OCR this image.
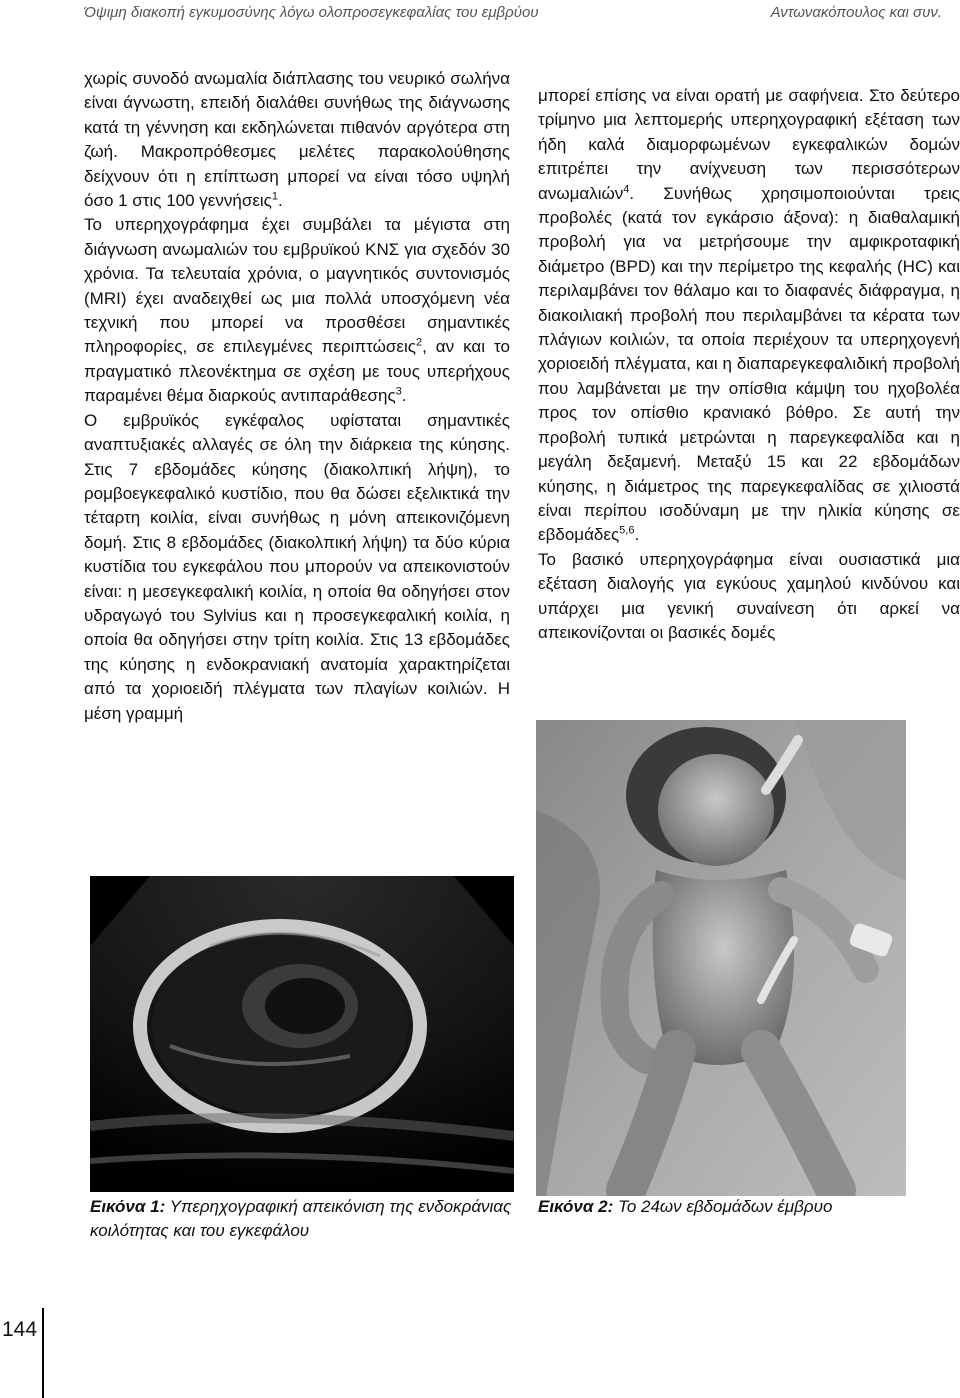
Όψιμη διακοπή εγκυμοσύνης λόγω ολοπροσεγκεφαλίας του εμβρύου	Αντωνακόπουλος και συν.

χωρίς συνοδό ανωμαλία διάπλασης του νευρικό σωλήνα είναι άγνωστη, επειδή διαλάθει συνήθως της διάγνωσης κατά τη γέννηση και εκδηλώνεται πιθανόν αργότερα στη ζωή. Μακροπρόθεσμες μελέτες παρακολούθησης δείχνουν ότι η επίπτωση μπορεί να είναι τόσο υψηλή όσο 1 στις 100 γεννήσεις$^1$.

Το υπερηχογράφημα έχει συμβάλει τα μέγιστα στη διάγνωση ανωμαλιών του εμβρυϊκού ΚΝΣ για σχεδόν 30 χρόνια. Τα τελευταία χρόνια, ο μαγνητικός συντονισμός (MRI) έχει αναδειχθεί ως μια πολλά υποσχόμενη νέα τεχνική που μπορεί να προσθέσει σημαντικές πληροφορίες, σε επιλεγμένες περιπτώσεις$^2$, αν και το πραγματικό πλεονέκτημα σε σχέση με τους υπερήχους παραμένει θέμα διαρκούς αντιπαράθεσης$^3$.

Ο εμβρυϊκός εγκέφαλος υφίσταται σημαντικές αναπτυξιακές αλλαγές σε όλη την διάρκεια της κύησης. Στις 7 εβδομάδες κύησης (διακολπική λήψη), το ρομβοεγκεφαλικό κυστίδιο, που θα δώσει εξελικτικά την τέταρτη κοιλία, είναι συνήθως η μόνη απεικονιζόμενη δομή. Στις 8 εβδομάδες (διακολπική λήψη) τα δύο κύρια κυστίδια του εγκεφάλου που μπορούν να απεικονιστούν είναι: η μεσεγκεφαλική κοιλία, η οποία θα οδηγήσει στον υδραγωγό του Sylvius και η προσεγκεφαλική κοιλία, η οποία θα οδηγήσει στην τρίτη κοιλία. Στις 13 εβδομάδες της κύησης η ενδοκρανιακή ανατομία χαρακτηρίζεται από τα χοριοειδή πλέγματα των πλαγίων κοιλιών. Η μέση γραμμή

μπορεί επίσης να είναι ορατή με σαφήνεια. Στο δεύτερο τρίμηνο μια λεπτομερής υπερηχογραφική εξέταση των ήδη καλά διαμορφωμένων εγκεφαλικών δομών επιτρέπει την ανίχνευση των περισσότερων ανωμαλιών$^4$. Συνήθως χρησιμοποιούνται τρεις προβολές (κατά τον εγκάρσιο άξονα): η διαθαλαμική προβολή για να μετρήσουμε την αμφικροταφική διάμετρο (BPD) και την περίμετρο της κεφαλής (HC) και περιλαμβάνει τον θάλαμο και το διαφανές διάφραγμα, η διακοιλιακή προβολή που περιλαμβάνει τα κέρατα των πλάγιων κοιλιών, τα οποία περιέχουν τα υπερηχογενή χοριοειδή πλέγματα, και η διαπαρεγκεφαλιδική προβολή που λαμβάνεται με την οπίσθια κάμψη του ηχοβολέα προς τον οπίσθιο κρανιακό βόθρο. Σε αυτή την προβολή τυπικά μετρώνται η παρεγκεφαλίδα και η μεγάλη δεξαμενή. Μεταξύ 15 και 22 εβδομάδων κύησης, η διάμετρος της παρεγκεφαλίδας σε χιλιοστά είναι περίπου ισοδύναμη με την ηλικία κύησης σε εβδομάδες$^{5,6}$.

Το βασικό υπερηχογράφημα είναι ουσιαστικά μια εξέταση διαλογής για εγκύους χαμηλού κινδύνου και υπάρχει μια γενική συναίνεση ότι αρκεί να απεικονίζονται οι βασικές δομές

Εικόνα 1: Υπερηχογραφική απεικόνιση της ενδοκράνιας κοιλότητας και του εγκεφάλου
Εικόνα 2: Το 24ων εβδομάδων έμβρυο
144
